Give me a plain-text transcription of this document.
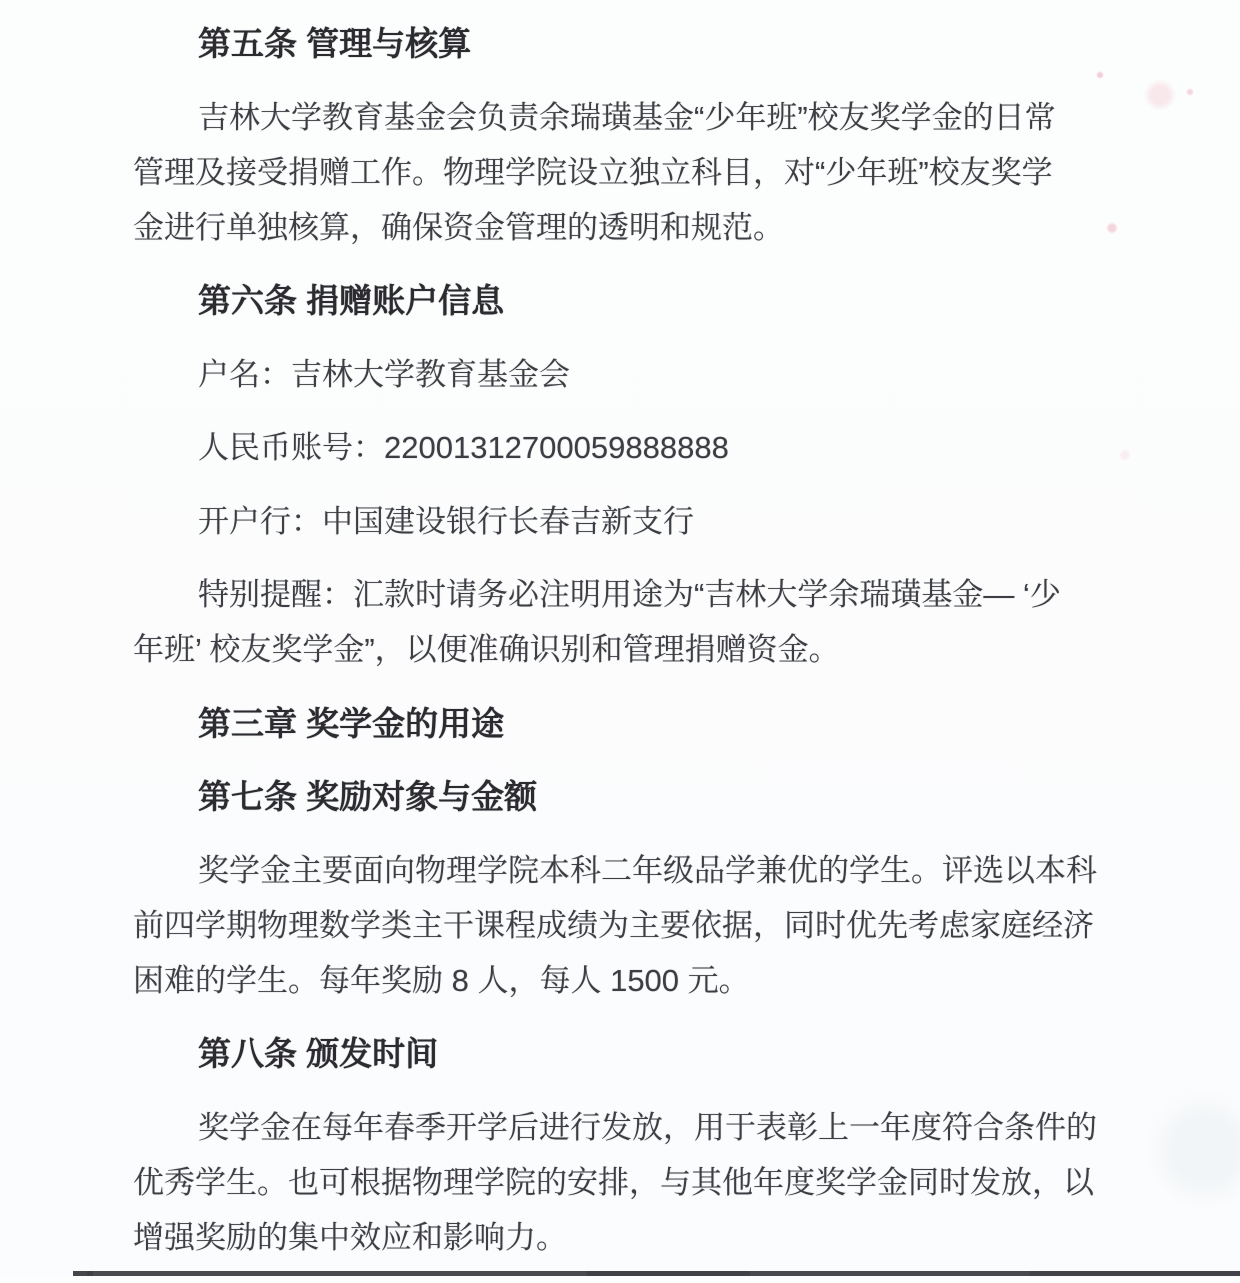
第五条 管理与核算
吉林大学教育基金会负责余瑞璜基金“少年班”校友奖学金的日常
管理及接受捐赠工作。物理学院设立独立科目，对“少年班”校友奖学
金进行单独核算，确保资金管理的透明和规范。
第六条 捐赠账户信息
户名：吉林大学教育基金会
人民币账号：22001312700059888888
开户行：中国建设银行长春吉新支行
特别提醒：汇款时请务必注明用途为“吉林大学余瑞璜基金— ‘少
年班’ 校友奖学金”，以便准确识别和管理捐赠资金。
第三章 奖学金的用途
第七条 奖励对象与金额
奖学金主要面向物理学院本科二年级品学兼优的学生。评选以本科
前四学期物理数学类主干课程成绩为主要依据，同时优先考虑家庭经济
困难的学生。每年奖励 8 人，每人 1500 元。
第八条 颁发时间
奖学金在每年春季开学后进行发放，用于表彰上一年度符合条件的
优秀学生。也可根据物理学院的安排，与其他年度奖学金同时发放，以
增强奖励的集中效应和影响力。
